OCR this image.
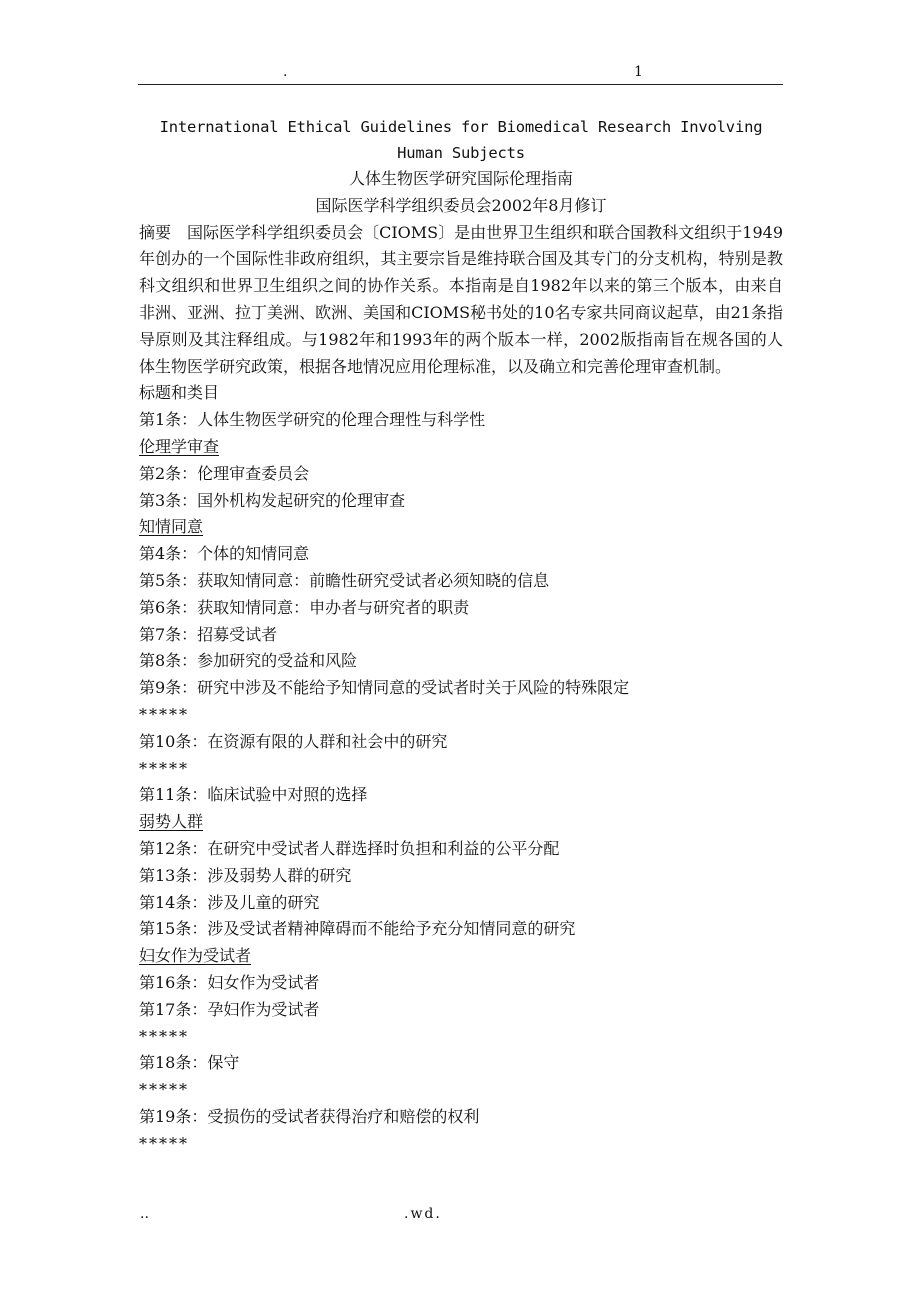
.	1
International Ethical Guidelines for Biomedical Research Involving Human Subjects
人体生物医学研究国际伦理指南
国际医学科学组织委员会2002年8月修订

摘要　国际医学科学组织委员会〔CIOMS〕是由世界卫生组织和联合国教科文组织于1949年创办的一个国际性非政府组织，其主要宗旨是维持联合国及其专门的分支机构，特别是教科文组织和世界卫生组织之间的协作关系。本指南是自1982年以来的第三个版本，由来自非洲、亚洲、拉丁美洲、欧洲、美国和CIOMS秘书处的10名专家共同商议起草，由21条指导原则及其注释组成。与1982年和1993年的两个版本一样，2002版指南旨在规各国的人体生物医学研究政策，根据各地情况应用伦理标准，以及确立和完善伦理审查机制。

标题和类目
第1条：人体生物医学研究的伦理合理性与科学性
伦理学审查
第2条：伦理审查委员会
第3条：国外机构发起研究的伦理审查
知情同意
第4条：个体的知情同意
第5条：获取知情同意：前瞻性研究受试者必须知晓的信息
第6条：获取知情同意：申办者与研究者的职责
第7条：招募受试者
第8条：参加研究的受益和风险
第9条：研究中涉及不能给予知情同意的受试者时关于风险的特殊限定
*****
第10条：在资源有限的人群和社会中的研究
*****
第11条：临床试验中对照的选择
弱势人群
第12条：在研究中受试者人群选择时负担和利益的公平分配
第13条：涉及弱势人群的研究
第14条：涉及儿童的研究
第15条：涉及受试者精神障碍而不能给予充分知情同意的研究
妇女作为受试者
第16条：妇女作为受试者
第17条：孕妇作为受试者
*****
第18条：保守
*****
第19条：受损伤的受试者获得治疗和赔偿的权利
*****
..	.wd.
